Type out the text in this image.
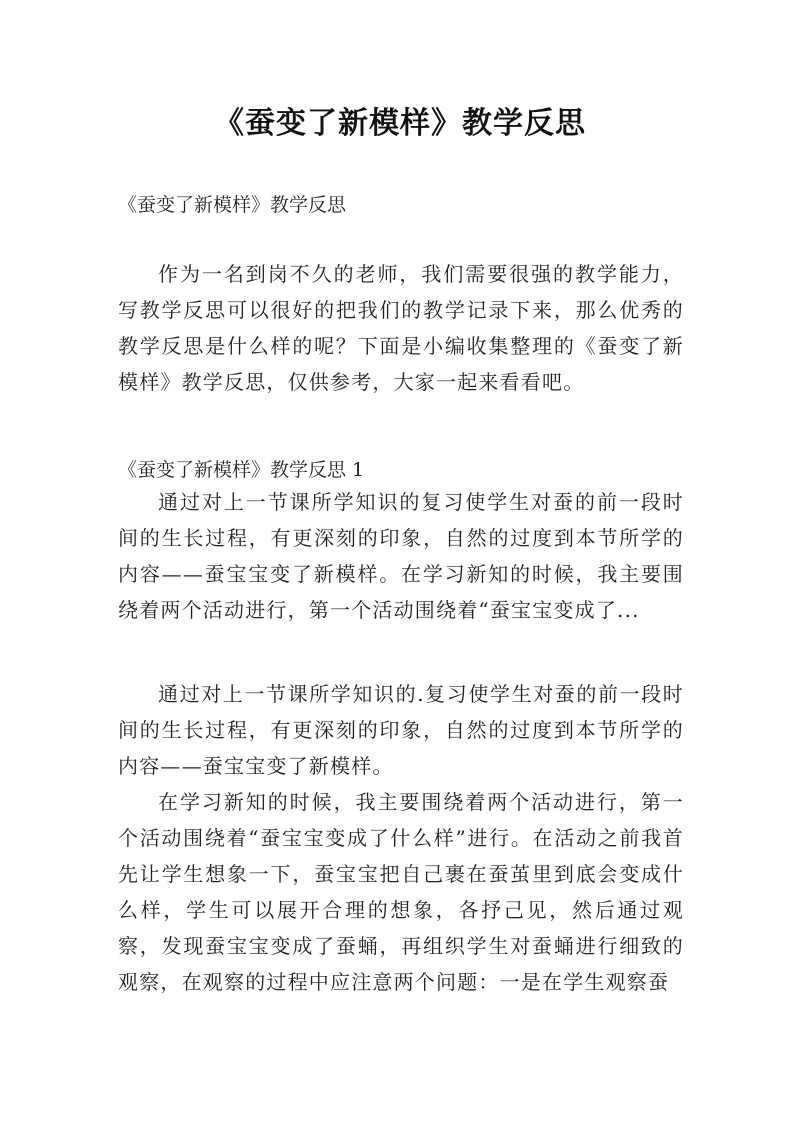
《蚕变了新模样》教学反思
《蚕变了新模样》教学反思

作为一名到岗不久的老师，我们需要很强的教学能力，写教学反思可以很好的把我们的教学记录下来，那么优秀的教学反思是什么样的呢？下面是小编收集整理的《蚕变了新模样》教学反思，仅供参考，大家一起来看看吧。

《蚕变了新模样》教学反思 1

通过对上一节课所学知识的复习使学生对蚕的前一段时间的生长过程，有更深刻的印象，自然的过度到本节所学的内容——蚕宝宝变了新模样。在学习新知的时候，我主要围绕着两个活动进行，第一个活动围绕着“蚕宝宝变成了...

通过对上一节课所学知识的.复习使学生对蚕的前一段时间的生长过程，有更深刻的印象，自然的过度到本节所学的内容——蚕宝宝变了新模样。

在学习新知的时候，我主要围绕着两个活动进行，第一个活动围绕着“蚕宝宝变成了什么样”进行。在活动之前我首先让学生想象一下，蚕宝宝把自己裹在蚕茧里到底会变成什么样，学生可以展开合理的想象，各抒己见，然后通过观察，发现蚕宝宝变成了蚕蛹，再组织学生对蚕蛹进行细致的观察，在观察的过程中应注意两个问题：一是在学生观察蚕
